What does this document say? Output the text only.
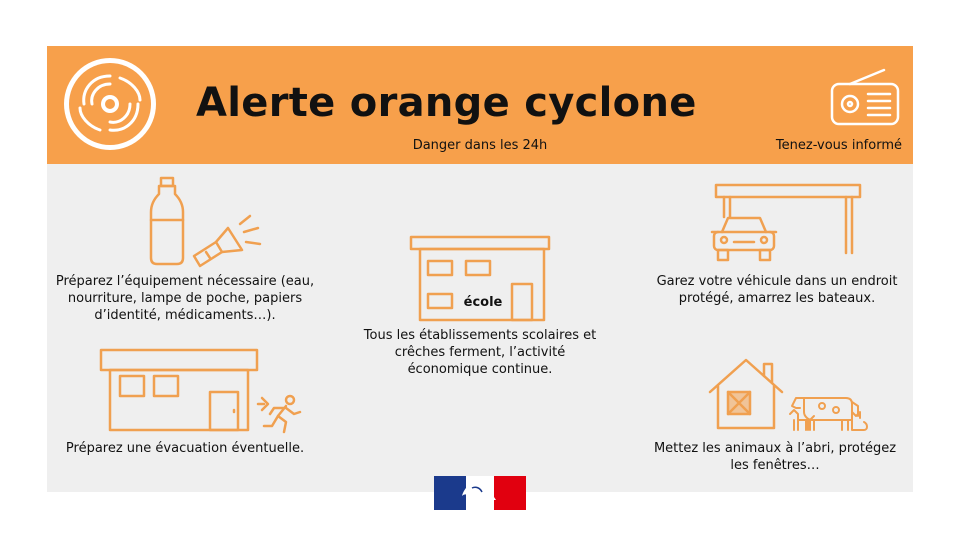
Alerte orange cyclone
Danger dans les 24h	Tenez-vous informé
Préparez l’équipement nécessaire (eau, nourriture, lampe de poche, papiers d’identité, médicaments…).
Préparez une évacuation éventuelle.
école
Tous les établissements scolaires et crêches ferment, l’activité économique continue.
Garez votre véhicule dans un endroit protégé, amarrez les bateaux.
Mettez les animaux à l’abri, protégez les fenêtres…
